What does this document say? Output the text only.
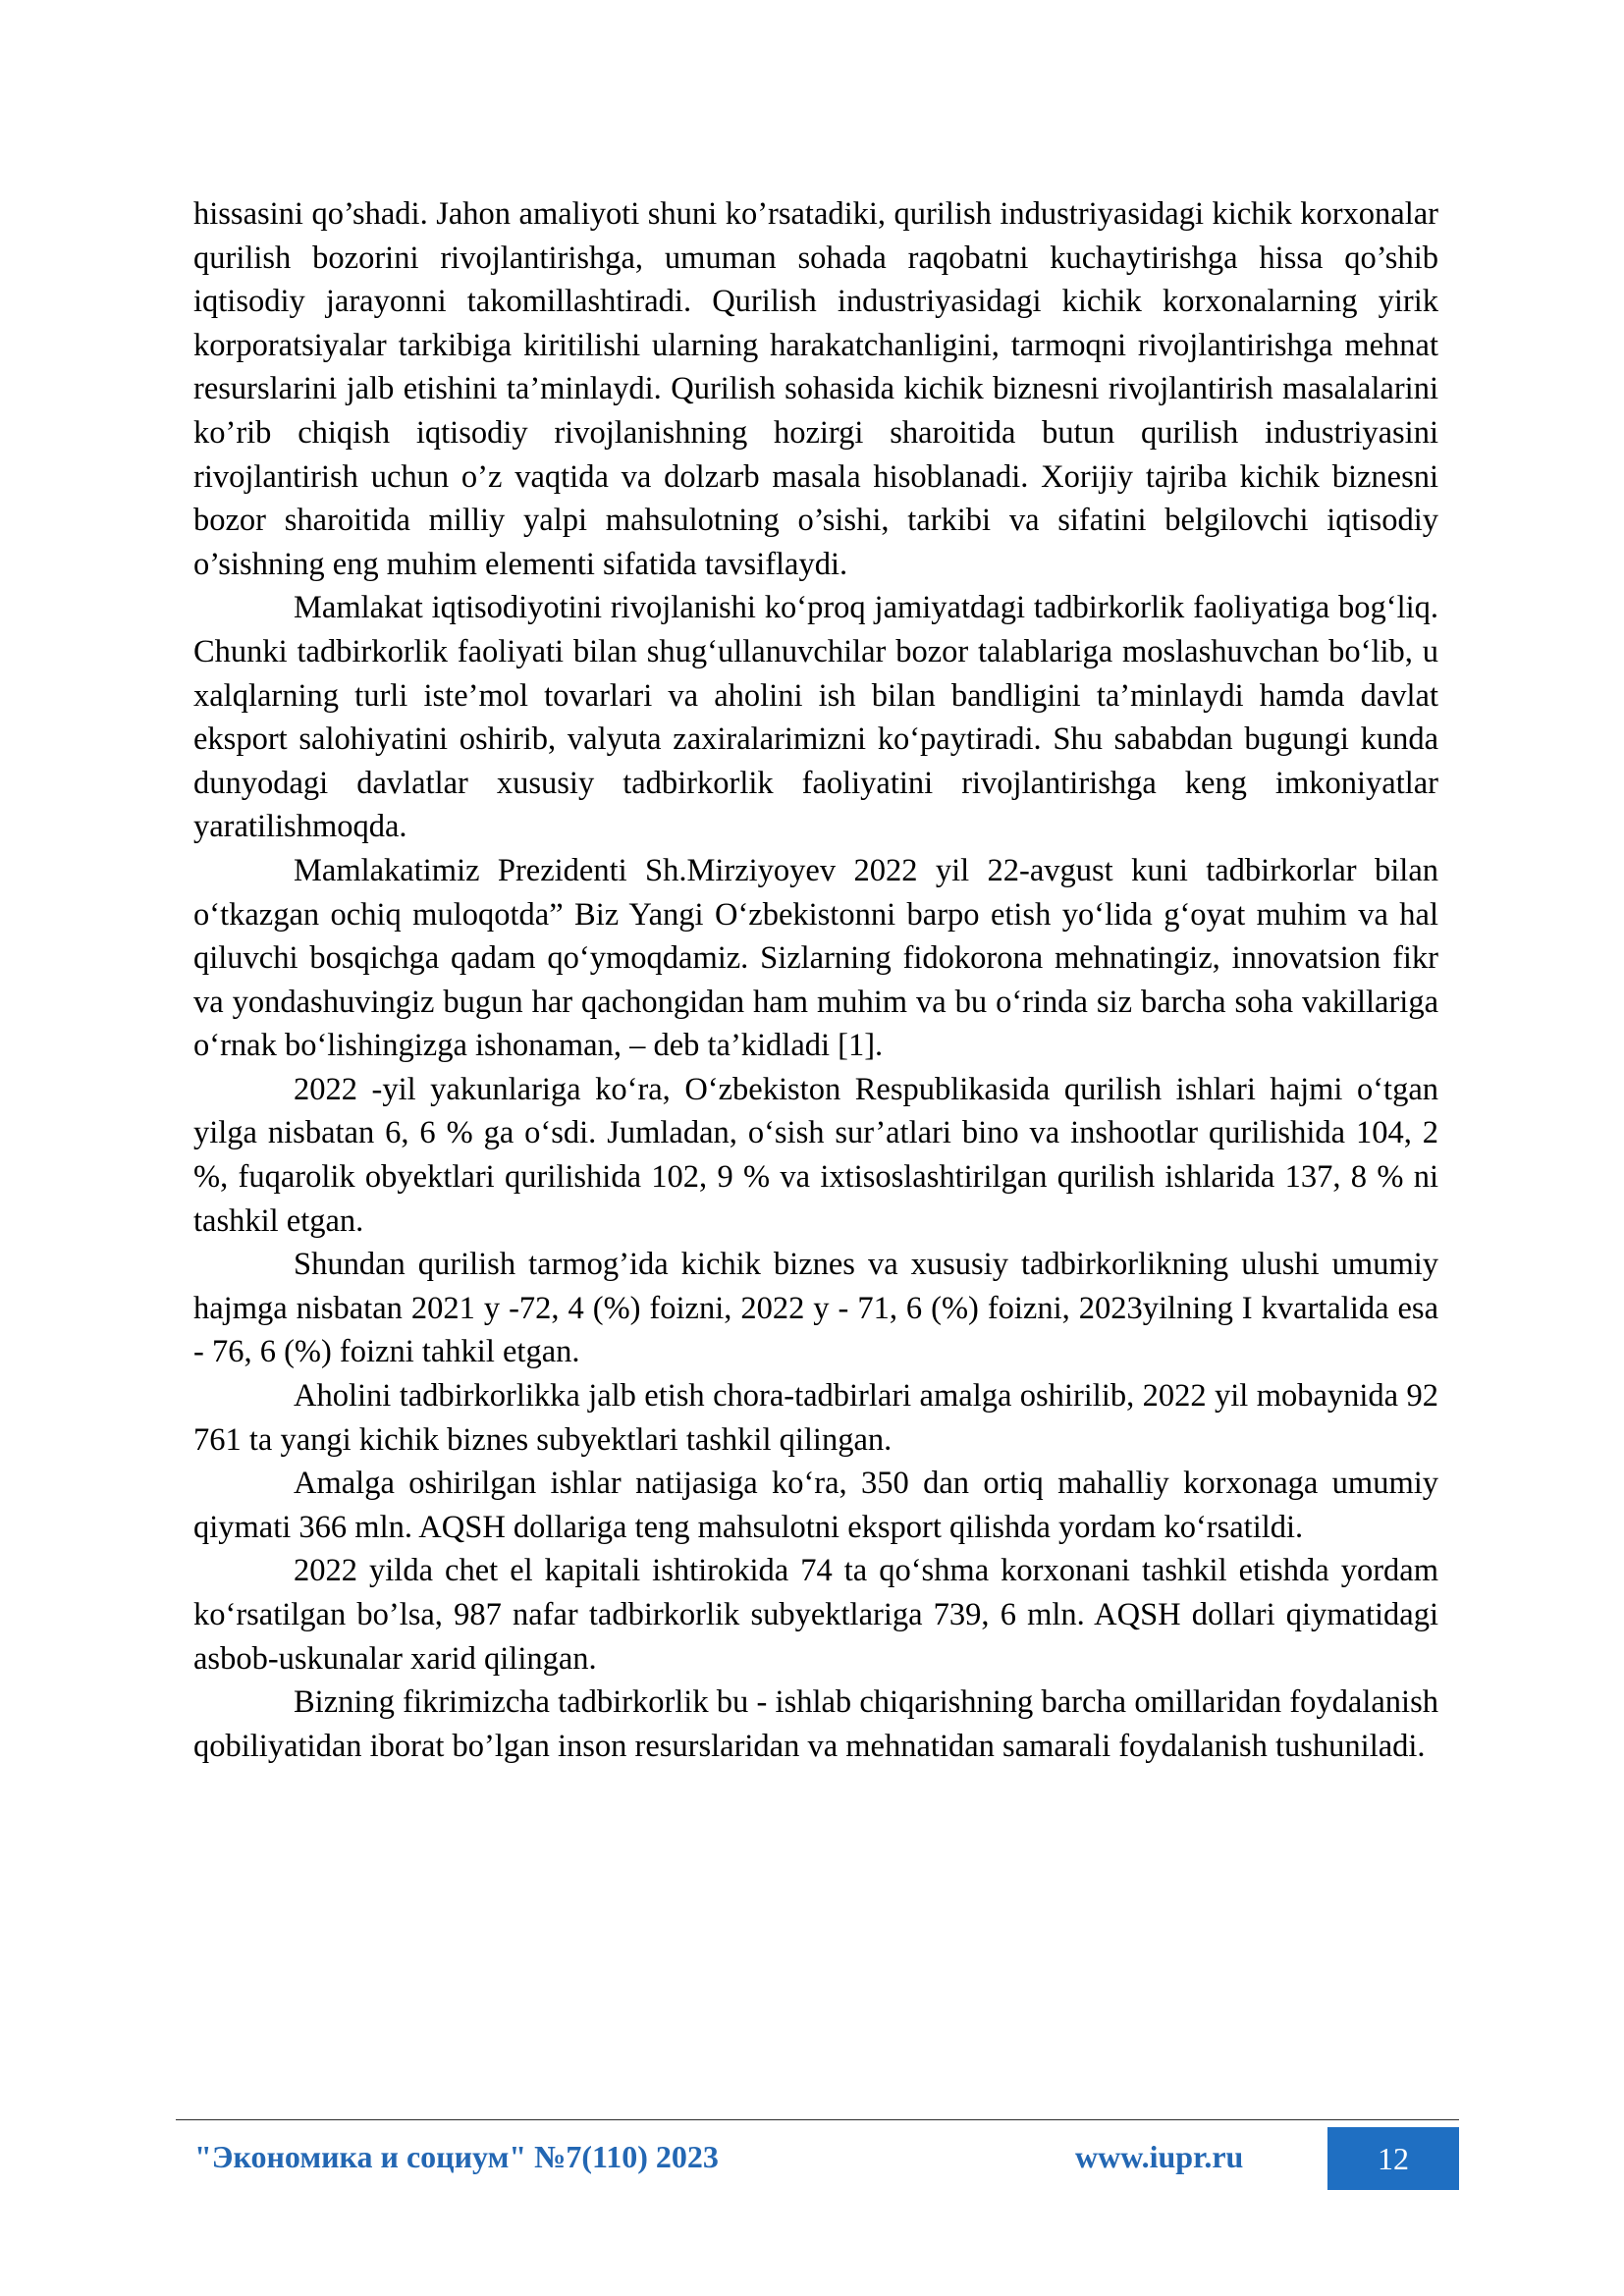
hissasini qo’shadi. Jahon amaliyoti shuni ko’rsatadiki, qurilish industriyasidagi kichik korxonalar qurilish bozorini rivojlantirishga, umuman sohada raqobatni kuchaytirishga hissa qo’shib iqtisodiy jarayonni takomillashtiradi. Qurilish industriyasidagi kichik korxonalarning yirik korporatsiyalar tarkibiga kiritilishi ularning harakatchanligini, tarmoqni rivojlantirishga mehnat resurslarini jalb etishini ta’minlaydi. Qurilish sohasida kichik biznesni rivojlantirish masalalarini ko’rib chiqish iqtisodiy rivojlanishning hozirgi sharoitida butun qurilish industriyasini rivojlantirish uchun o’z vaqtida va dolzarb masala hisoblanadi. Xorijiy tajriba kichik biznesni bozor sharoitida milliy yalpi mahsulotning o’sishi, tarkibi va sifatini belgilovchi iqtisodiy o’sishning eng muhim elementi sifatida tavsiflaydi.

Mamlakat iqtisodiyotini rivojlanishi ko‘proq jamiyatdagi tadbirkorlik faoliyatiga bog‘liq. Chunki tadbirkorlik faoliyati bilan shug‘ullanuvchilar bozor talablariga moslashuvchan bo‘lib, u xalqlarning turli iste’mol tovarlari va aholini ish bilan bandligini ta’minlaydi hamda davlat eksport salohiyatini oshirib, valyuta zaxiralarimizni ko‘paytiradi. Shu sababdan bugungi kunda dunyodagi davlatlar xususiy tadbirkorlik faoliyatini rivojlantirishga keng imkoniyatlar yaratilishmoqda.

Mamlakatimiz Prezidenti Sh.Mirziyoyev 2022 yil 22-avgust kuni tadbirkorlar bilan o‘tkazgan ochiq muloqotda” Biz Yangi O‘zbekistonni barpo etish yo‘lida g‘oyat muhim va hal qiluvchi bosqichga qadam qo‘ymoqdamiz. Sizlarning fidokorona mehnatingiz, innovatsion fikr va yondashuvingiz bugun har qachongidan ham muhim va bu o‘rinda siz barcha soha vakillariga o‘rnak bo‘lishingizga ishonaman, – deb ta’kidladi [1].

2022 -yil yakunlariga ko‘ra, O‘zbekiston Respublikasida qurilish ishlari hajmi o‘tgan yilga nisbatan 6, 6 % ga o‘sdi. Jumladan, o‘sish sur’atlari bino va inshootlar qurilishida 104, 2 %, fuqarolik obyektlari qurilishida 102, 9 % va ixtisoslashtirilgan qurilish ishlarida 137, 8 % ni tashkil etgan.

Shundan qurilish tarmog’ida kichik biznes va xususiy tadbirkorlikning ulushi umumiy hajmga nisbatan 2021 y -72, 4 (%) foizni, 2022 y - 71, 6 (%) foizni, 2023yilning I kvartalida esa - 76, 6 (%) foizni tahkil etgan.

Aholini tadbirkorlikka jalb etish chora-tadbirlari amalga oshirilib, 2022 yil mobaynida 92 761 ta yangi kichik biznes subyektlari tashkil qilingan.

Amalga oshirilgan ishlar natijasiga ko‘ra, 350 dan ortiq mahalliy korxonaga umumiy qiymati 366 mln. AQSH dollariga teng mahsulotni eksport qilishda yordam ko‘rsatildi.

2022 yilda chet el kapitali ishtirokida 74 ta qo‘shma korxonani tashkil etishda yordam ko‘rsatilgan bo’lsa, 987 nafar tadbirkorlik subyektlariga 739, 6 mln. AQSH dollari qiymatidagi asbob-uskunalar xarid qilingan.

Bizning fikrimizcha tadbirkorlik bu - ishlab chiqarishning barcha omillaridan foydalanish qobiliyatidan iborat bo’lgan inson resurslaridan va mehnatidan samarali foydalanish tushuniladi.

"Экономика и социум" №7(110) 2023	www.iupr.ru	12
